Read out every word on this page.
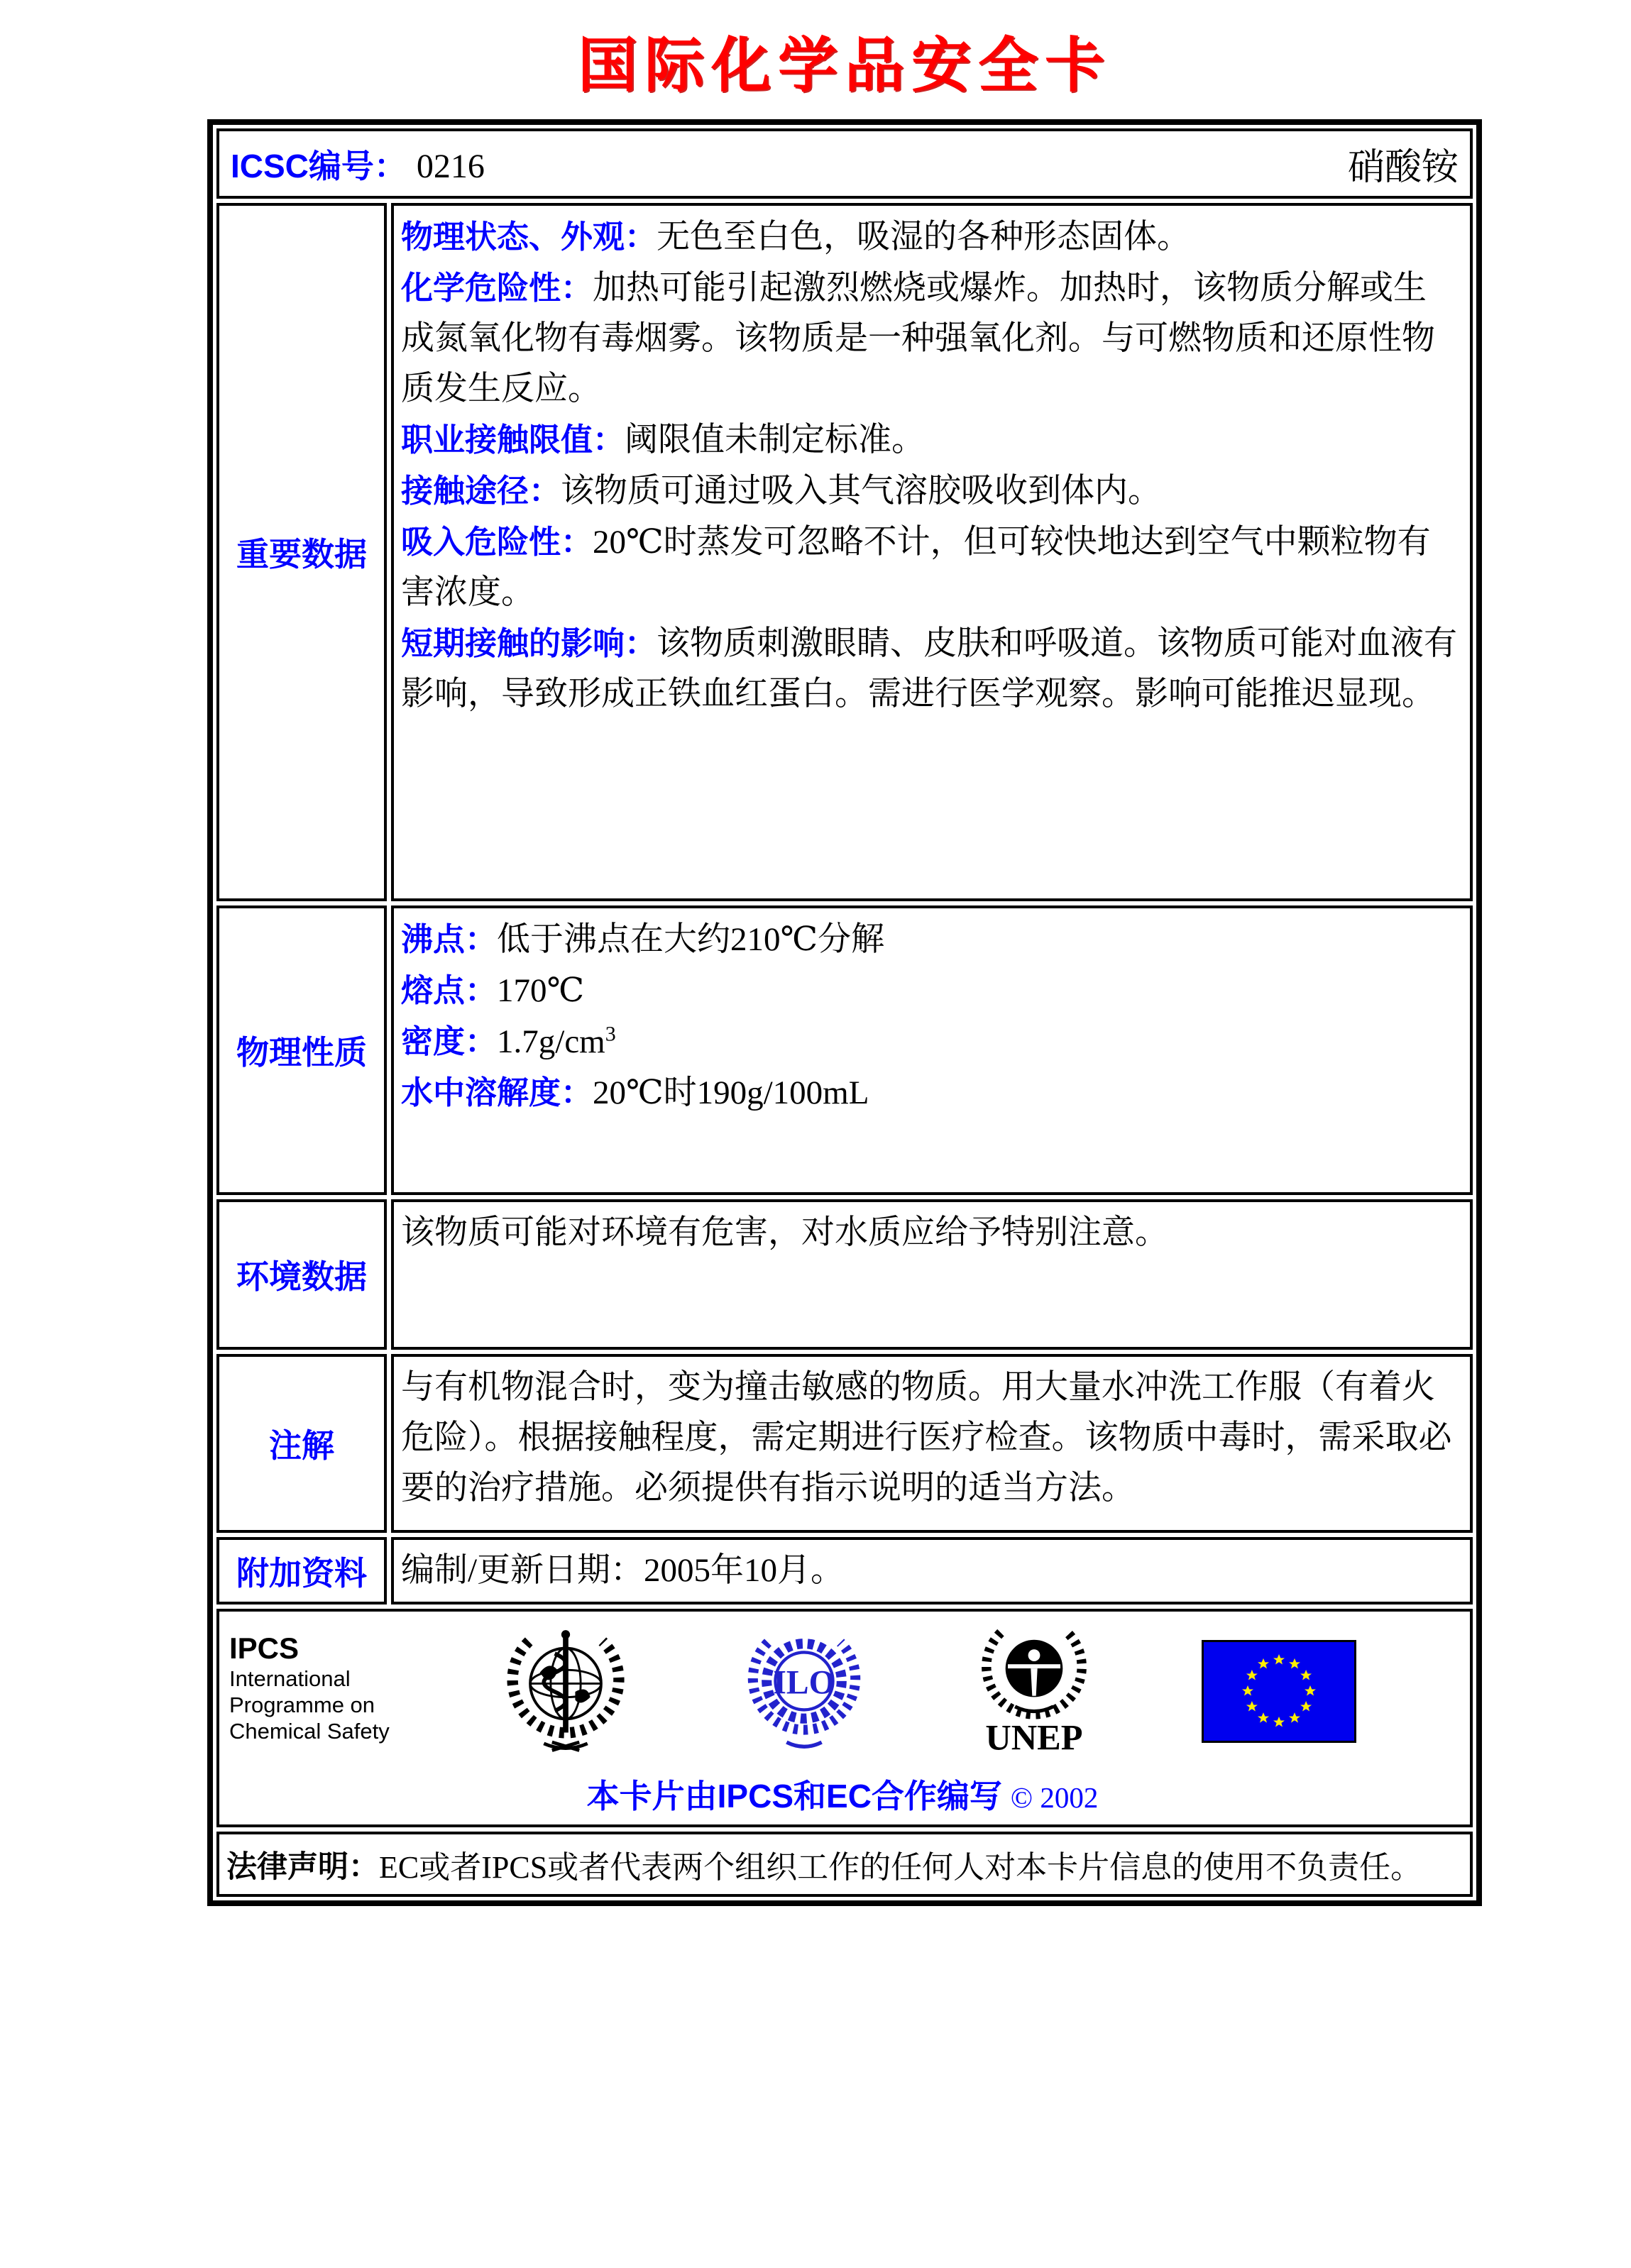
国际化学品安全卡
ICSC编号： 0216	硝酸铵
重要数据

物理状态、外观：无色至白色，吸湿的各种形态固体。

化学危险性：加热可能引起激烈燃烧或爆炸。加热时，该物质分解或生成氮氧化物有毒烟雾。该物质是一种强氧化剂。与可燃物质和还原性物质发生反应。

职业接触限值：阈限值未制定标准。

接触途径：该物质可通过吸入其气溶胶吸收到体内。

吸入危险性：20℃时蒸发可忽略不计，但可较快地达到空气中颗粒物有害浓度。

短期接触的影响：该物质刺激眼睛、皮肤和呼吸道。该物质可能对血液有影响，导致形成正铁血红蛋白。需进行医学观察。影响可能推迟显现。

物理性质

沸点：低于沸点在大约210℃分解

熔点：170℃

密度：$1.7g/cm^3$

水中溶解度：20℃时190g/100mL

环境数据

该物质可能对环境有危害，对水质应给予特别注意。

注解

与有机物混合时，变为撞击敏感的物质。用大量水冲洗工作服（有着火危险）。根据接触程度，需定期进行医疗检查。该物质中毒时，需采取必要的治疗措施。必须提供有指示说明的适当方法。

附加资料	编制/更新日期：2005年10月。

IPCS
International
Programme on
Chemical Safety
ILO
UNEP
本卡片由IPCS和EC合作编写 © 2002
法律声明： EC或者IPCS或者代表两个组织工作的任何人对本卡片信息的使用不负责任。
